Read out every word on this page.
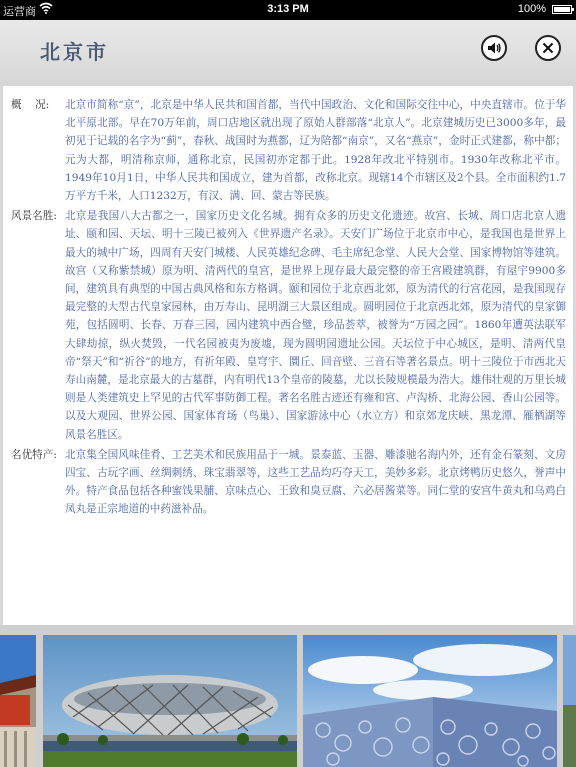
运营商	3:13 PM	100%
北京市
概    况:	北京市简称“京”，北京是中华人民共和国首都，当代中国政治、文化和国际交往中心，中央直辖市。位于华北平原北部。早在70万年前，周口店地区就出现了原始人群部落“北京人”。北京建城历史已3000多年，最初见于记载的名字为“蓟”，春秋、战国时为燕都，辽为陪都“南京”，又名“燕京”，金时正式建都，称中都；元为大都，明清称京师，通称北京，民国初亦定都于此。1928年改北平特别市。1930年改称北平市。1949年10月1日，中华人民共和国成立，建为首都，改称北京。现辖14个市辖区及2个县。全市面积约1.7万平方千米，人口1232万，有汉、满、回、蒙古等民族。
风景名胜: 北京是我国八大古都之一，国家历史文化名城。拥有众多的历史文化遗迹。故宫、长城、周口店北京人遗址、颐和园、天坛、明十三陵已被列入《世界遗产名录》。天安门广场位于北京市中心，是我国也是世界上最大的城中广场，四周有天安门城楼、人民英雄纪念碑、毛主席纪念堂、人民大会堂、国家博物馆等建筑。故宫（又称紫禁城）原为明、清两代的皇宫，是世界上现存最大最完整的帝王宫殿建筑群，有屋宇9900多间，建筑具有典型的中国古典风格和东方格调。颐和园位于北京西北郊，原为清代的行宫花园，是我国现存最完整的大型古代皇家园林，由万寿山、昆明湖三大景区组成。圆明园位于北京西北郊，原为清代的皇家御苑，包括圆明、长春、万春三园，园内建筑中西合璧，珍品荟萃，被誉为“万园之园”。1860年遭英法联军大肆劫掠，纵火焚毁，一代名园被夷为废墟，现为圆明园遗址公园。天坛位于中心城区，是明、清两代皇帝“祭天”和“祈谷”的地方，有祈年殿、皇穹宇、圜丘、回音壁、三音石等著名景点。明十三陵位于市西北天寿山南麓，是北京最大的古墓群，内有明代13个皇帝的陵墓，尤以长陵规模最为浩大。雄伟壮观的万里长城则是人类建筑史上罕见的古代军事防御工程。著名名胜古迹还有雍和宫、卢沟桥、北海公园、香山公园等。以及大观园、世界公园、国家体育场（鸟巢）、国家游泳中心（水立方）和京郊龙庆峡、黑龙潭、雁栖湖等风景名胜区。
名优特产: 北京集全国风味佳肴、工艺美术和民族用品于一城。景泰蓝、玉器、雕漆驰名海内外，还有金石篆刻、文房四宝、古玩字画、丝绸刺绣、珠宝翡翠等，这些工艺品均巧夺天工，美妙多彩。北京烤鸭历史悠久，誉声中外。特产食品包括各种蜜饯果脯、京味点心、王致和臭豆腐、六必居酱菜等。同仁堂的安宫牛黄丸和乌鸡白凤丸是正宗地道的中药滋补品。
